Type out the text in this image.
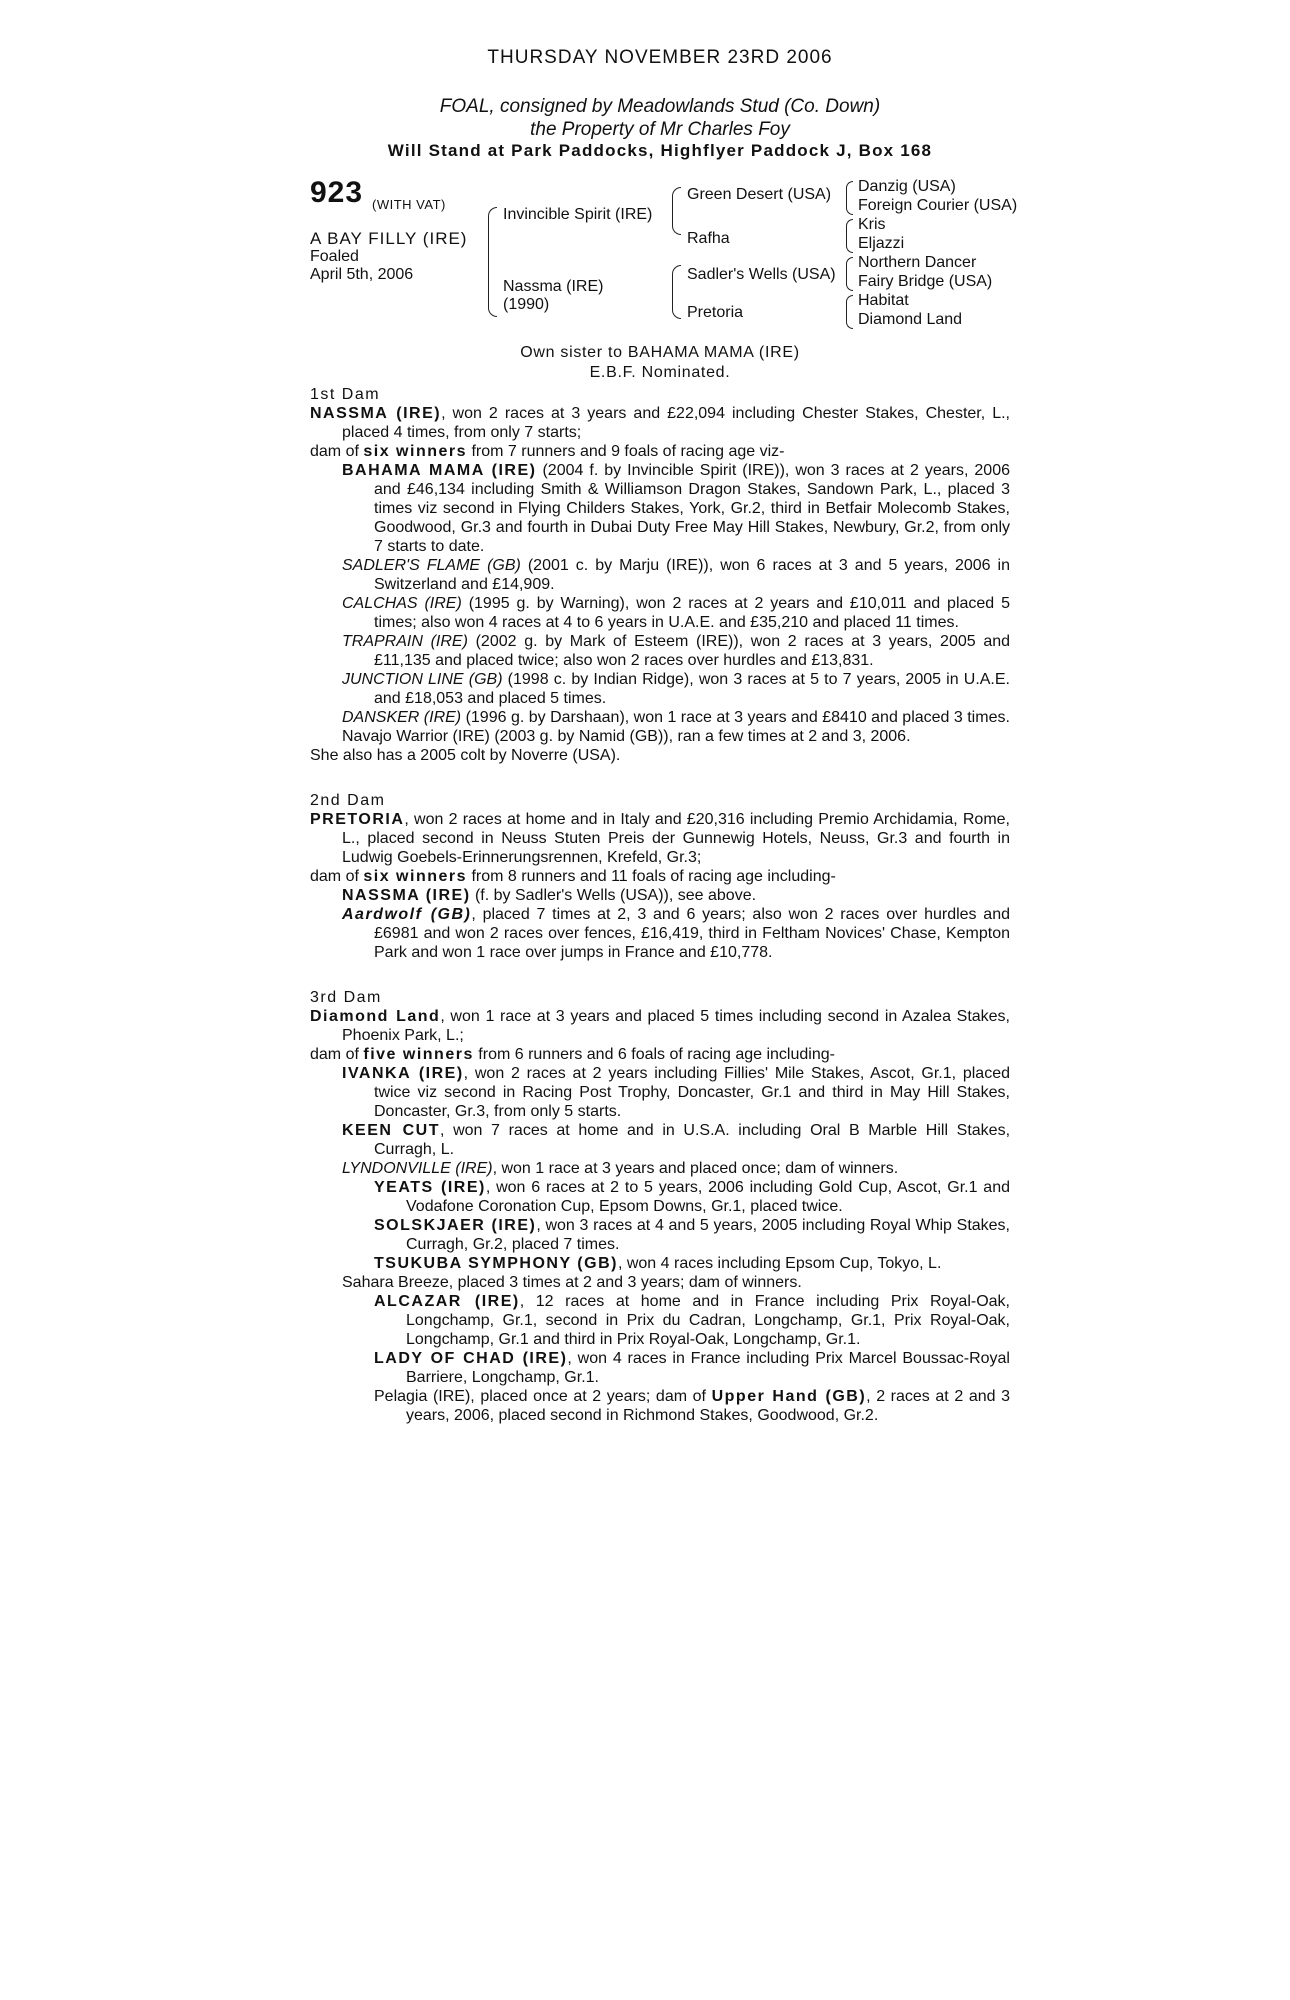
THURSDAY NOVEMBER 23RD 2006
FOAL, consigned by Meadowlands Stud (Co. Down)
the Property of Mr Charles Foy
Will Stand at Park Paddocks, Highflyer Paddock J, Box 168
923 (WITH VAT)
A BAY FILLY (IRE)
Foaled
April 5th, 2006
Invincible Spirit (IRE)
Nassma (IRE)
(1990)
Green Desert (USA)
Rafha
Sadler's Wells (USA)
Pretoria
Danzig (USA)
Foreign Courier (USA)
Kris
Eljazzi
Northern Dancer
Fairy Bridge (USA)
Habitat
Diamond Land
Own sister to BAHAMA MAMA (IRE)
E.B.F. Nominated.
1st Dam

NASSMA (IRE), won 2 races at 3 years and £22,094 including Chester Stakes, Chester, L., placed 4 times, from only 7 starts;

dam of six winners from 7 runners and 9 foals of racing age viz-

BAHAMA MAMA (IRE) (2004 f. by Invincible Spirit (IRE)), won 3 races at 2 years, 2006 and £46,134 including Smith & Williamson Dragon Stakes, Sandown Park, L., placed 3 times viz second in Flying Childers Stakes, York, Gr.2, third in Betfair Molecomb Stakes, Goodwood, Gr.3 and fourth in Dubai Duty Free May Hill Stakes, Newbury, Gr.2, from only 7 starts to date.

SADLER'S FLAME (GB) (2001 c. by Marju (IRE)), won 6 races at 3 and 5 years, 2006 in Switzerland and £14,909.

CALCHAS (IRE) (1995 g. by Warning), won 2 races at 2 years and £10,011 and placed 5 times; also won 4 races at 4 to 6 years in U.A.E. and £35,210 and placed 11 times.

TRAPRAIN (IRE) (2002 g. by Mark of Esteem (IRE)), won 2 races at 3 years, 2005 and £11,135 and placed twice; also won 2 races over hurdles and £13,831.

JUNCTION LINE (GB) (1998 c. by Indian Ridge), won 3 races at 5 to 7 years, 2005 in U.A.E. and £18,053 and placed 5 times.

DANSKER (IRE) (1996 g. by Darshaan), won 1 race at 3 years and £8410 and placed 3 times.

Navajo Warrior (IRE) (2003 g. by Namid (GB)), ran a few times at 2 and 3, 2006.

She also has a 2005 colt by Noverre (USA).

2nd Dam

PRETORIA, won 2 races at home and in Italy and £20,316 including Premio Archidamia, Rome, L., placed second in Neuss Stuten Preis der Gunnewig Hotels, Neuss, Gr.3 and fourth in Ludwig Goebels-Erinnerungsrennen, Krefeld, Gr.3;

dam of six winners from 8 runners and 11 foals of racing age including-

NASSMA (IRE) (f. by Sadler's Wells (USA)), see above.

Aardwolf (GB), placed 7 times at 2, 3 and 6 years; also won 2 races over hurdles and £6981 and won 2 races over fences, £16,419, third in Feltham Novices' Chase, Kempton Park and won 1 race over jumps in France and £10,778.

3rd Dam

Diamond Land, won 1 race at 3 years and placed 5 times including second in Azalea Stakes, Phoenix Park, L.;

dam of five winners from 6 runners and 6 foals of racing age including-

IVANKA (IRE), won 2 races at 2 years including Fillies' Mile Stakes, Ascot, Gr.1, placed twice viz second in Racing Post Trophy, Doncaster, Gr.1 and third in May Hill Stakes, Doncaster, Gr.3, from only 5 starts.

KEEN CUT, won 7 races at home and in U.S.A. including Oral B Marble Hill Stakes, Curragh, L.

LYNDONVILLE (IRE), won 1 race at 3 years and placed once; dam of winners.

YEATS (IRE), won 6 races at 2 to 5 years, 2006 including Gold Cup, Ascot, Gr.1 and Vodafone Coronation Cup, Epsom Downs, Gr.1, placed twice.

SOLSKJAER (IRE), won 3 races at 4 and 5 years, 2005 including Royal Whip Stakes, Curragh, Gr.2, placed 7 times.

TSUKUBA SYMPHONY (GB), won 4 races including Epsom Cup, Tokyo, L.

Sahara Breeze, placed 3 times at 2 and 3 years; dam of winners.

ALCAZAR (IRE), 12 races at home and in France including Prix Royal-Oak, Longchamp, Gr.1, second in Prix du Cadran, Longchamp, Gr.1, Prix Royal-Oak, Longchamp, Gr.1 and third in Prix Royal-Oak, Longchamp, Gr.1.

LADY OF CHAD (IRE), won 4 races in France including Prix Marcel Boussac-Royal Barriere, Longchamp, Gr.1.

Pelagia (IRE), placed once at 2 years; dam of Upper Hand (GB), 2 races at 2 and 3 years, 2006, placed second in Richmond Stakes, Goodwood, Gr.2.
